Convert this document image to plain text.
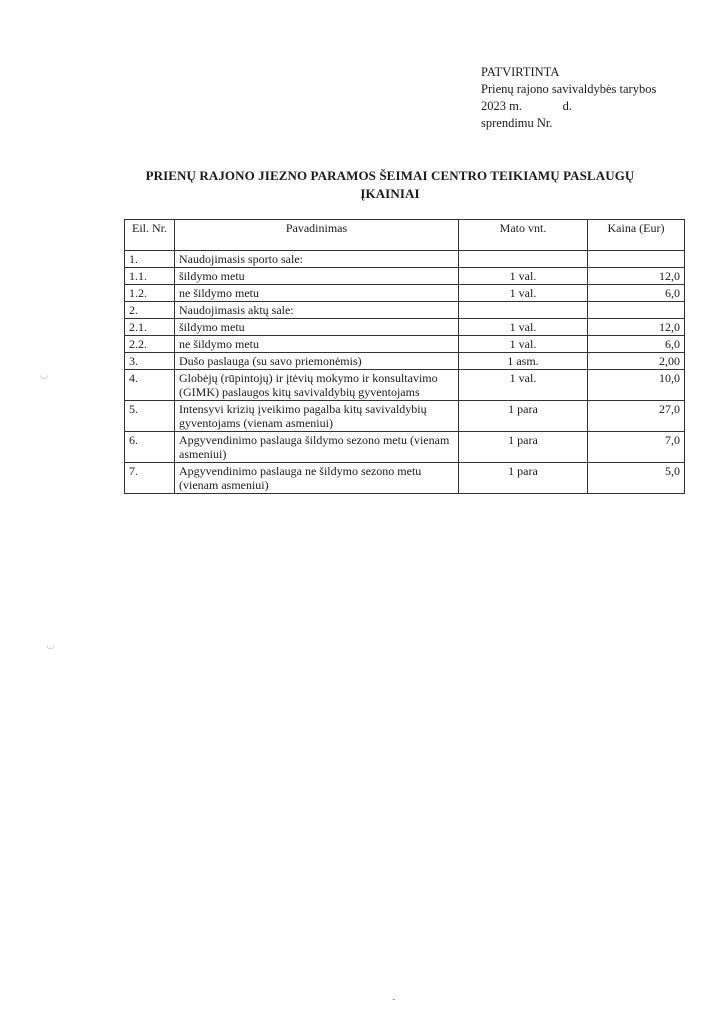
PATVIRTINTA
Prienų rajono savivaldybės tarybos
2023 m.             d.
sprendimu Nr.
PRIENŲ RAJONO JIEZNO PARAMOS ŠEIMAI CENTRO TEIKIAMŲ PASLAUGŲ
ĮKAINIAI
Eil. Nr.	Pavadinimas	Mato vnt.	Kaina (Eur)
1.	Naudojimasis sporto sale:		
1.1.	šildymo metu	1 val.	12,0
1.2.	ne šildymo metu	1 val.	6,0
2.	Naudojimasis aktų sale:		
2.1.	šildymo metu	1 val.	12,0
2.2.	ne šildymo metu	1 val.	6,0
3.	Dušo paslauga (su savo priemonėmis)	1 asm.	2,00
4.	Globėjų (rūpintojų) ir įtėvių mokymo ir konsultavimo (GIMK) paslaugos kitų savivaldybių gyventojams	1 val.	10,0
5.	Intensyvi krizių įveikimo pagalba kitų savivaldybių gyventojams (vienam asmeniui)	1 para	27,0
6.	Apgyvendinimo paslauga šildymo sezono metu (vienam asmeniui)	1 para	7,0
7.	Apgyvendinimo paslauga ne šildymo sezono metu (vienam asmeniui)	1 para	5,0
◡
◡
ˇ
